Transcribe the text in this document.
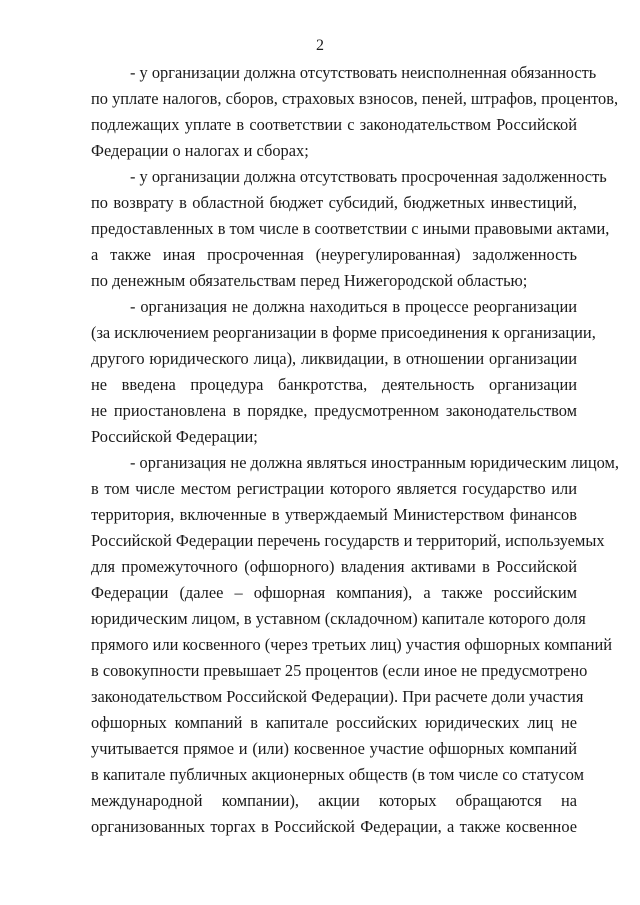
2
- у организации должна отсутствовать неисполненная обязанность
по уплате налогов, сборов, страховых взносов, пеней, штрафов, процентов,
подлежащих уплате в соответствии с законодательством Российской
Федерации о налогах и сборах;
- у организации должна отсутствовать просроченная задолженность
по возврату в областной бюджет субсидий, бюджетных инвестиций,
предоставленных в том числе в соответствии с иными правовыми актами,
а также иная просроченная (неурегулированная) задолженность
по денежным обязательствам перед Нижегородской областью;
- организация не должна находиться в процессе реорганизации
(за исключением реорганизации в форме присоединения к организации,
другого юридического лица), ликвидации, в отношении организации
не введена процедура банкротства, деятельность организации
не приостановлена в порядке, предусмотренном законодательством
Российской Федерации;
- организация не должна являться иностранным юридическим лицом,
в том числе местом регистрации которого является государство или
территория, включенные в утверждаемый Министерством финансов
Российской Федерации перечень государств и территорий, используемых
для промежуточного (офшорного) владения активами в Российской
Федерации (далее – офшорная компания), а также российским
юридическим лицом, в уставном (складочном) капитале которого доля
прямого или косвенного (через третьих лиц) участия офшорных компаний
в совокупности превышает 25 процентов (если иное не предусмотрено
законодательством Российской Федерации). При расчете доли участия
офшорных компаний в капитале российских юридических лиц не
учитывается прямое и (или) косвенное участие офшорных компаний
в капитале публичных акционерных обществ (в том числе со статусом
международной компании), акции которых обращаются на
организованных торгах в Российской Федерации, а также косвенное
